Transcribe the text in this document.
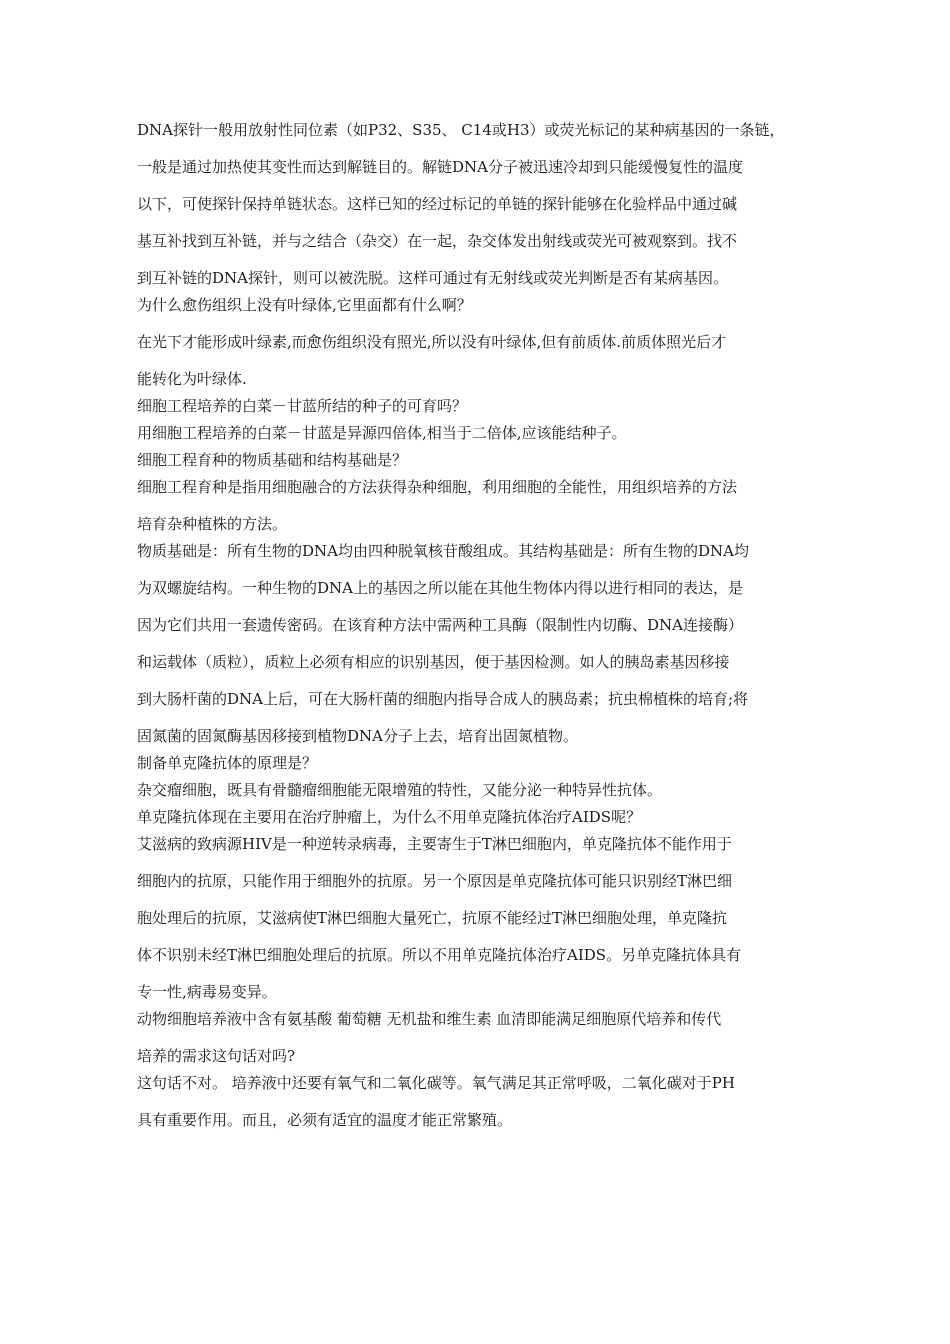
DNA探针一般用放射性同位素（如P32、S35、 C14或H3）或荧光标记的某种病基因的一条链，
一般是通过加热使其变性而达到解链目的。解链DNA分子被迅速冷却到只能缓慢复性的温度
以下，可使探针保持单链状态。这样已知的经过标记的单链的探针能够在化验样品中通过碱
基互补找到互补链，并与之结合（杂交）在一起，杂交体发出射线或荧光可被观察到。找不
到互补链的DNA探针，则可以被洗脱。这样可通过有无射线或荧光判断是否有某病基因。
为什么愈伤组织上没有叶绿体,它里面都有什么啊？
在光下才能形成叶绿素,而愈伤组织没有照光,所以没有叶绿体,但有前质体.前质体照光后才
能转化为叶绿体.
细胞工程培养的白菜－甘蓝所结的种子的可育吗？
用细胞工程培养的白菜－甘蓝是异源四倍体,相当于二倍体,应该能结种子。
细胞工程育种的物质基础和结构基础是？
细胞工程育种是指用细胞融合的方法获得杂种细胞，利用细胞的全能性，用组织培养的方法
培育杂种植株的方法。
物质基础是：所有生物的DNA均由四种脱氧核苷酸组成。其结构基础是：所有生物的DNA均
为双螺旋结构。一种生物的DNA上的基因之所以能在其他生物体内得以进行相同的表达，是
因为它们共用一套遗传密码。在该育种方法中需两种工具酶（限制性内切酶、DNA连接酶）
和运载体（质粒），质粒上必须有相应的识别基因，便于基因检测。如人的胰岛素基因移接
到大肠杆菌的DNA上后，可在大肠杆菌的细胞内指导合成人的胰岛素；抗虫棉植株的培育;将
固氮菌的固氮酶基因移接到植物DNA分子上去，培育出固氮植物。
制备单克隆抗体的原理是？
杂交瘤细胞，既具有骨髓瘤细胞能无限增殖的特性，又能分泌一种特异性抗体。
单克隆抗体现在主要用在治疗肿瘤上，为什么不用单克隆抗体治疗AIDS呢？
艾滋病的致病源HIV是一种逆转录病毒，主要寄生于T淋巴细胞内，单克隆抗体不能作用于
细胞内的抗原，只能作用于细胞外的抗原。另一个原因是单克隆抗体可能只识别经T淋巴细
胞处理后的抗原，艾滋病使T淋巴细胞大量死亡，抗原不能经过T淋巴细胞处理，单克隆抗
体不识别未经T淋巴细胞处理后的抗原。所以不用单克隆抗体治疗AIDS。另单克隆抗体具有
专一性,病毒易变异。
动物细胞培养液中含有氨基酸 葡萄糖 无机盐和维生素 血清即能满足细胞原代培养和传代
培养的需求这句话对吗?
这句话不对。 培养液中还要有氧气和二氧化碳等。氧气满足其正常呼吸，二氧化碳对于PH
具有重要作用。而且，必须有适宜的温度才能正常繁殖。
